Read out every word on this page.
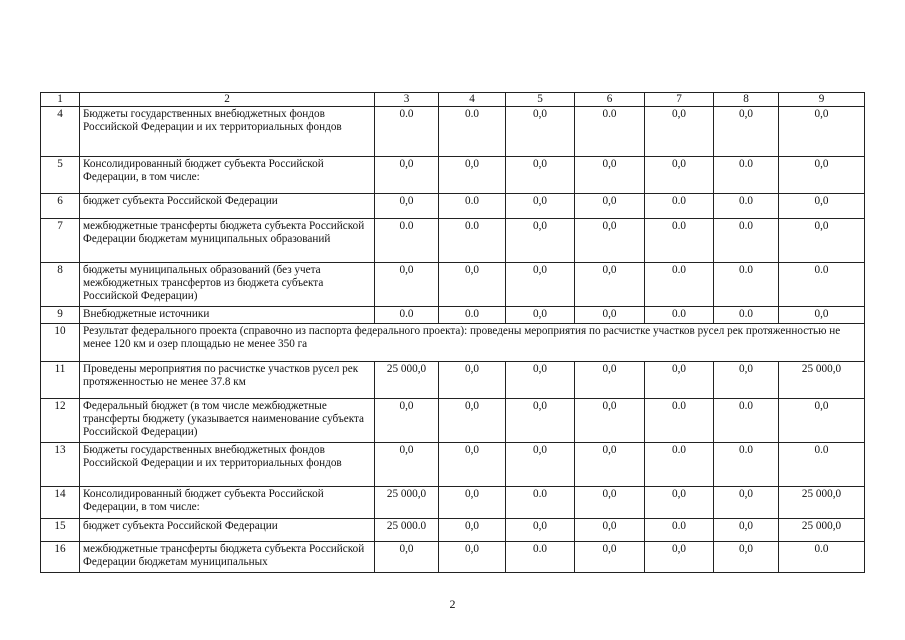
1	2	3	4	5	6	7	8	9
4	Бюджеты государственных внебюджетных фондов Российской Федерации и их территориальных фондов	0.0	0.0	0,0	0.0	0,0	0,0	0,0
5	Консолидированный бюджет субъекта Российской Федерации, в том числе:	0,0	0,0	0,0	0,0	0,0	0.0	0,0
6	бюджет субъекта Российской Федерации	0,0	0.0	0,0	0,0	0.0	0.0	0,0
7	межбюджетные трансферты бюджета субъекта Российской Федерации бюджетам муниципальных образований	0.0	0.0	0,0	0,0	0.0	0.0	0,0
8	бюджеты муниципальных образований (без учета межбюджетных трансфертов из бюджета субъекта Российской Федерации)	0,0	0,0	0,0	0,0	0.0	0.0	0.0
9	Внебюджетные источники	0.0	0.0	0,0	0,0	0.0	0.0	0,0
10	Результат федерального проекта (справочно из паспорта федерального проекта): проведены мероприятия по расчистке участков русел рек протяженностью не менее 120 км и озер площадью не менее 350 га							
11	Проведены мероприятия по расчистке участков русел рек протяженностью не менее 37.8 км	25 000,0	0,0	0,0	0,0	0,0	0,0	25 000,0
12	Федеральный бюджет (в том числе межбюджетные трансферты бюджету (указывается наименование субъекта Российской Федерации)	0,0	0,0	0,0	0,0	0.0	0.0	0,0
13	Бюджеты государственных внебюджетных фондов Российской Федерации и их территориальных фондов	0,0	0,0	0,0	0,0	0.0	0.0	0.0
14	Консолидированный бюджет субъекта Российской Федерации, в том числе:	25 000,0	0,0	0.0	0,0	0,0	0,0	25 000,0
15	бюджет субъекта Российской Федерации	25 000.0	0,0	0,0	0,0	0.0	0,0	25 000,0
16	межбюджетные трансферты бюджета субъекта Российской Федерации бюджетам муниципальных	0,0	0,0	0.0	0,0	0,0	0,0	0.0
2
